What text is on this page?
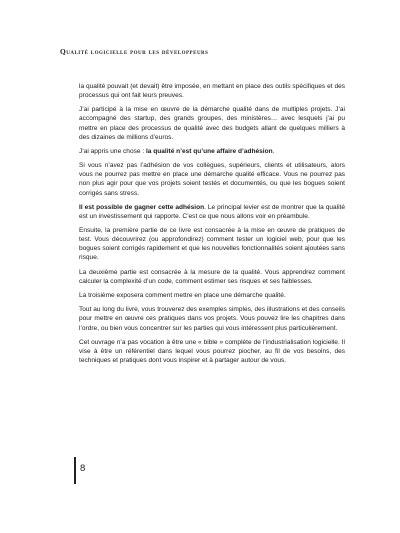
Qualité logicielle pour les développeurs

la qualité pouvait (et devait) être imposée, en mettant en place des outils spécifiques et des processus qui ont fait leurs preuves.

J’ai participé à la mise en œuvre de la démarche qualité dans de multiples projets. J’ai accompagné des startup, des grands groupes, des ministères… avec lesquels j’ai pu mettre en place des processus de qualité avec des budgets allant de quelques milliers à des dizaines de millions d’euros.

J’ai appris une chose : la qualité n’est qu’une affaire d’adhésion.

Si vous n’avez pas l’adhésion de vos collègues, supérieurs, clients et utilisateurs, alors vous ne pourrez pas mettre en place une démarche qualité efficace. Vous ne pourrez pas non plus agir pour que vos projets soient testés et documentés, ou que les bogues soient corrigés sans stress.

Il est possible de gagner cette adhésion. Le principal levier est de montrer que la qualité est un investissement qui rapporte. C’est ce que nous allons voir en préambule.

Ensuite, la première partie de ce livre est consacrée à la mise en œuvre de pratiques de test. Vous découvrirez (ou approfondirez) comment tester un logiciel web, pour que les bogues soient corrigés rapidement et que les nouvelles fonctionnalités soient ajoutées sans risque.

La deuxième partie est consacrée à la mesure de la qualité. Vous apprendrez comment calculer la complexité d’un code, comment estimer ses risques et ses faiblesses.

La troisième exposera comment mettre en place une démarche qualité.

Tout au long du livre, vous trouverez des exemples simples, des illustrations et des conseils pour mettre en œuvre ces pratiques dans vos projets. Vous pouvez lire les chapitres dans l’ordre, ou bien vous concentrer sur les parties qui vous intéressent plus particulièrement.

Cet ouvrage n’a pas vocation à être une « bible » complète de l’industrialisation logicielle. Il vise à être un référentiel dans lequel vous pourrez piocher, au fil de vos besoins, des techniques et pratiques dont vous inspirer et à partager autour de vous.

8
